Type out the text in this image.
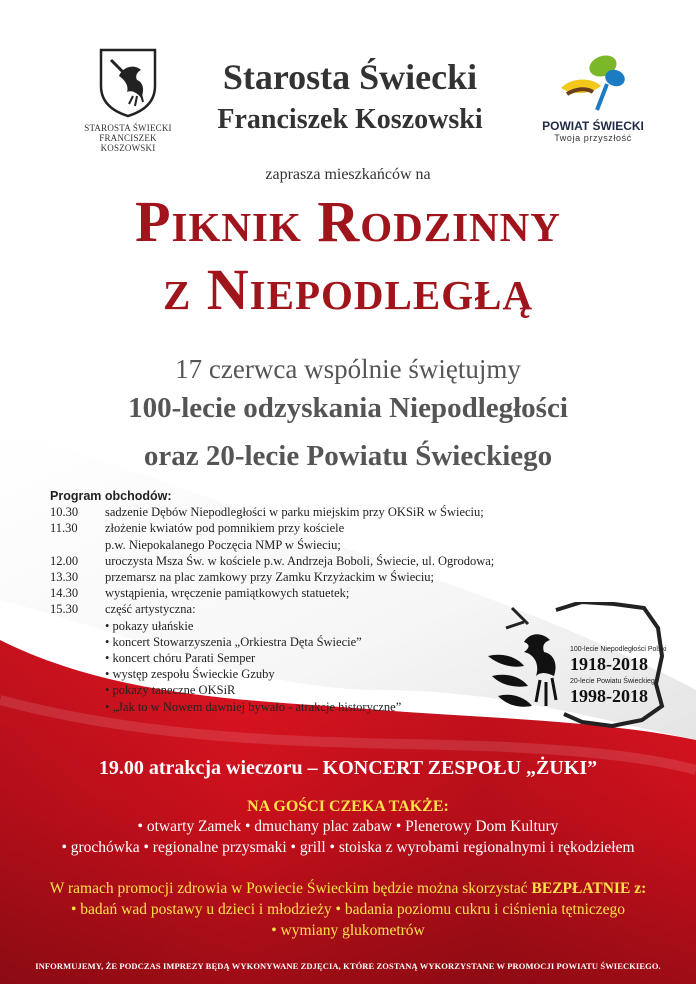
STAROSTA ŚWIECKI
FRANCISZEK KOSZOWSKI
Starosta Świecki
Franciszek Koszowski	POWIAT ŚWIECKI
Twoja przyszłość
zaprasza mieszkańców na
Piknik Rodzinny
z Niepodległą
17 czerwca wspólnie świętujmy
100-lecie odzyskania Niepodległości
oraz 20-lecie Powiatu Świeckiego
Program obchodów:
10.30	sadzenie Dębów Niepodległości w parku miejskim przy OKSiR w Świeciu;
11.30	złożenie kwiatów pod pomnikiem przy kościele
p.w. Niepokalanego Poczęcia NMP w Świeciu;
12.00	uroczysta Msza Św. w kościele p.w. Andrzeja Boboli, Świecie, ul. Ogrodowa;
13.30	przemarsz na plac zamkowy przy Zamku Krzyżackim w Świeciu;
14.30	wystąpienia, wręczenie pamiątkowych statuetek;
15.30	część artystyczna:
• pokazy ułańskie
• koncert Stowarzyszenia „Orkiestra Dęta Świecie”
• koncert chóru Parati Semper
• występ zespołu Świeckie Gzuby
• pokazy taneczne OKSiR
• „Jak to w Nowem dawniej bywało - atrakcje historyczne”
100-lecie Niepodległości Polski
1918-2018
20-lecie Powiatu Świeckiego
1998-2018
19.00 atrakcja wieczoru – KONCERT ZESPOŁU „ŻUKI”
NA GOŚCI CZEKA TAKŻE:
• otwarty Zamek • dmuchany plac zabaw • Plenerowy Dom Kultury
• grochówka • regionalne przysmaki • grill • stoiska z wyrobami regionalnymi i rękodziełem
W ramach promocji zdrowia w Powiecie Świeckim będzie można skorzystać BEZPŁATNIE z:
• badań wad postawy u dzieci i młodzieży • badania poziomu cukru i ciśnienia tętniczego
• wymiany glukometrów
INFORMUJEMY, ŻE PODCZAS IMPREZY BĘDĄ WYKONYWANE ZDJĘCIA, KTÓRE ZOSTANĄ WYKORZYSTANE W PROMOCJI POWIATU ŚWIECKIEGO.
